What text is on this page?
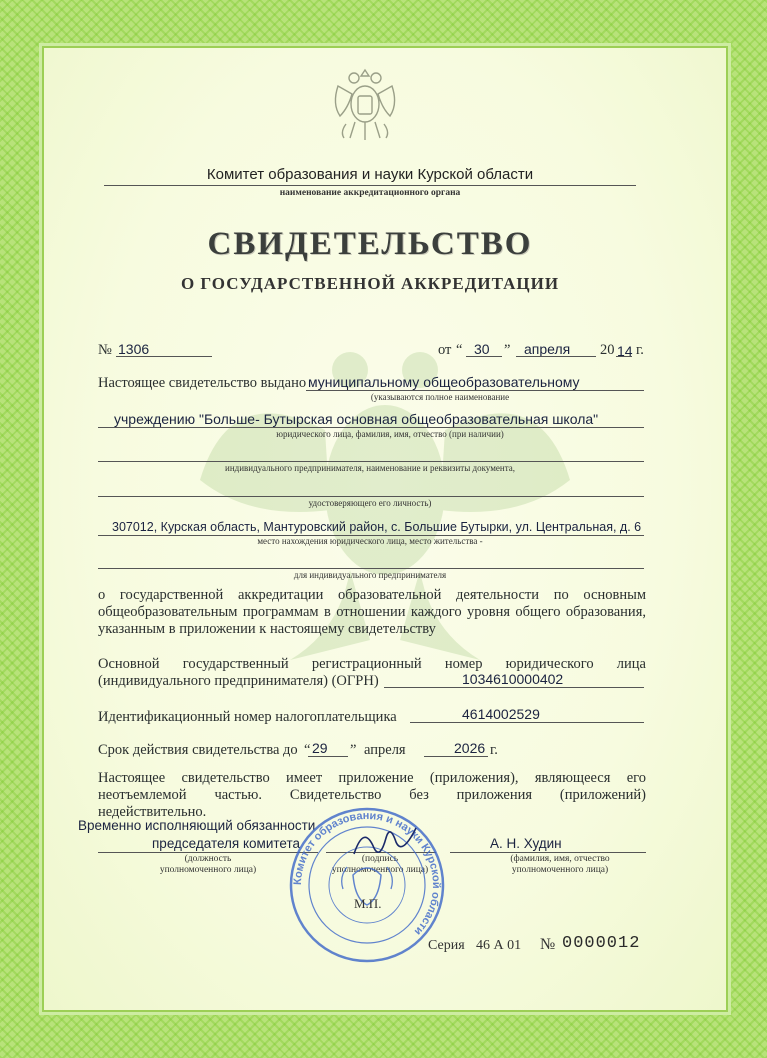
Комитет образования и науки Курской области
наименование аккредитационного органа
СВИДЕТЕЛЬСТВО
О ГОСУДАРСТВЕННОЙ АККРЕДИТАЦИИ
№ 1306	от “ 30 ” апреля 20 14 г.
Настоящее свидетельство выдано муниципальному общеобразовательному
(указываются полное наименование
учреждению "Больше- Бутырская основная общеобразовательная школа"
юридического лица, фамилия, имя, отчество (при наличии)
индивидуального предпринимателя, наименование и реквизиты документа,
удостоверяющего его личность)
307012, Курская область, Мантуровский район, с. Большие Бутырки, ул. Центральная, д. 6
место нахождения юридического лица, место жительства -
для индивидуального предпринимателя
о государственной аккредитации образовательной деятельности по основным
общеобразовательным программам в отношении каждого уровня общего образования,
указанным в приложении к настоящему свидетельству
Основной государственный регистрационный номер юридического лица
(индивидуального предпринимателя) (ОГРН)	1034610000402
Идентификационный номер налогоплательщика	4614002529
Срок действия свидетельства до “ 29 ” апреля	2026 г.
Настоящее свидетельство имеет приложение (приложения), являющееся его
неотъемлемой частью. Свидетельство без приложения (приложений)
недействительно.
Временно исполняющий обязанности
председателя комитета
(должность
уполномоченного лица)
(подпись
уполномоченного лица)
А. Н. Худин
(фамилия, имя, отчество
уполномоченного лица)
Комитет образования и науки Курской области
М.П.
Серия 46 А 01 № 0000012
